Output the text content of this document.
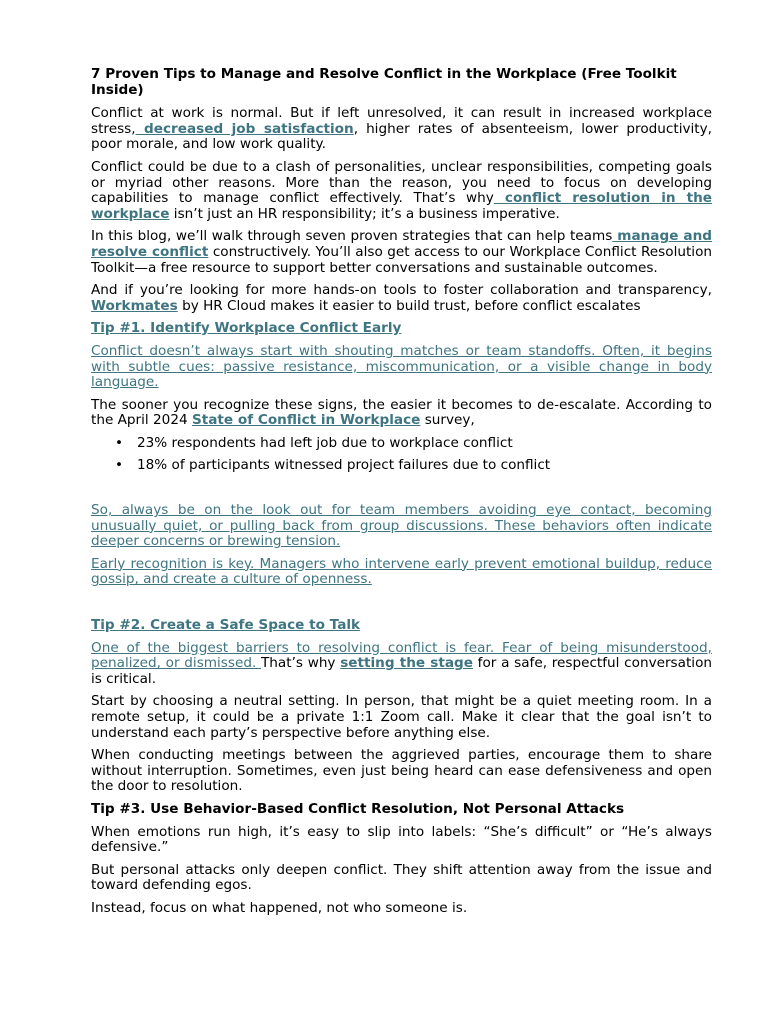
7 Proven Tips to Manage and Resolve Conflict in the Workplace (Free Toolkit Inside)

Conflict at work is normal. But if left unresolved, it can result in increased workplace stress, decreased job satisfaction, higher rates of absenteeism, lower productivity, poor morale, and low work quality.

Conflict could be due to a clash of personalities, unclear responsibilities, competing goals or myriad other reasons. More than the reason, you need to focus on developing capabilities to manage conflict effectively. That’s why conflict resolution in the workplace isn’t just an HR responsibility; it’s a business imperative.

In this blog, we’ll walk through seven proven strategies that can help teams manage and resolve conflict constructively. You’ll also get access to our Workplace Conflict Resolution Toolkit—a free resource to support better conversations and sustainable outcomes.

And if you’re looking for more hands-on tools to foster collaboration and transparency, Workmates by HR Cloud makes it easier to build trust, before conflict escalates

Tip #1. Identify Workplace Conflict Early

Conflict doesn’t always start with shouting matches or team standoffs. Often, it begins with subtle cues: passive resistance, miscommunication, or a visible change in body language.

The sooner you recognize these signs, the easier it becomes to de-escalate. According to the April 2024 State of Conflict in Workplace survey,

• 23% respondents had left job due to workplace conflict
• 18% of participants witnessed project failures due to conflict

So, always be on the look out for team members avoiding eye contact, becoming unusually quiet, or pulling back from group discussions. These behaviors often indicate deeper concerns or brewing tension.

Early recognition is key. Managers who intervene early prevent emotional buildup, reduce gossip, and create a culture of openness.

Tip #2. Create a Safe Space to Talk

One of the biggest barriers to resolving conflict is fear. Fear of being misunderstood, penalized, or dismissed. That’s why setting the stage for a safe, respectful conversation is critical.

Start by choosing a neutral setting. In person, that might be a quiet meeting room. In a remote setup, it could be a private 1:1 Zoom call. Make it clear that the goal isn’t to understand each party’s perspective before anything else.

When conducting meetings between the aggrieved parties, encourage them to share without interruption. Sometimes, even just being heard can ease defensiveness and open the door to resolution.

Tip #3. Use Behavior-Based Conflict Resolution, Not Personal Attacks

When emotions run high, it’s easy to slip into labels: “She’s difficult” or “He’s always defensive.”

But personal attacks only deepen conflict. They shift attention away from the issue and toward defending egos.

Instead, focus on what happened, not who someone is.
